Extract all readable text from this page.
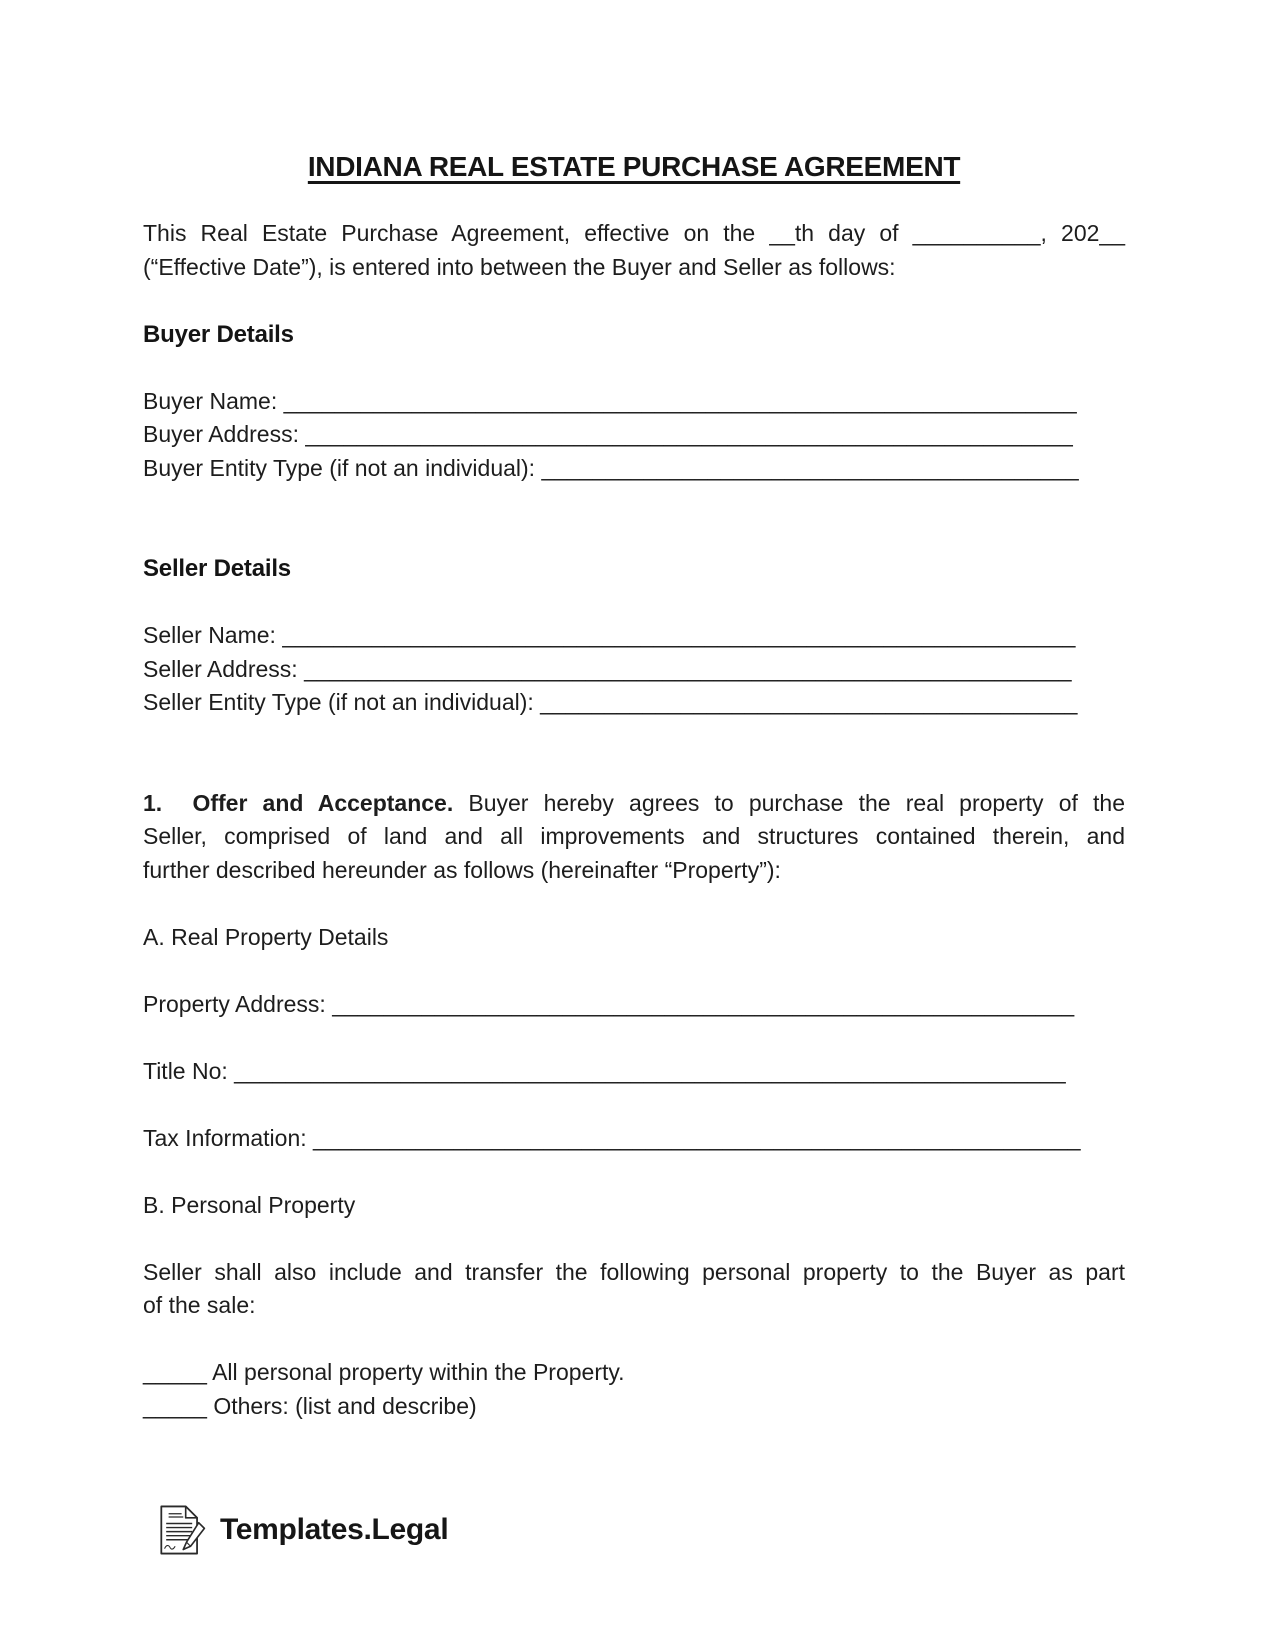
INDIANA REAL ESTATE PURCHASE AGREEMENT
This Real Estate Purchase Agreement, effective on the __th day of __________, 202__
(“Effective Date”), is entered into between the Buyer and Seller as follows:
Buyer Details
Buyer Name: ______________________________________________________________
Buyer Address: ____________________________________________________________
Buyer Entity Type (if not an individual): __________________________________________
Seller Details
Seller Name: ______________________________________________________________
Seller Address: ____________________________________________________________
Seller Entity Type (if not an individual): __________________________________________
1.  Offer and Acceptance. Buyer hereby agrees to purchase the real property of the
Seller, comprised of land and all improvements and structures contained therein, and
further described hereunder as follows (hereinafter “Property”):
A. Real Property Details
Property Address: __________________________________________________________
Title No: _________________________________________________________________
Tax Information: ____________________________________________________________
B. Personal Property
Seller shall also include and transfer the following personal property to the Buyer as part
of the sale:
_____ All personal property within the Property.
_____ Others: (list and describe)
Templates.Legal
